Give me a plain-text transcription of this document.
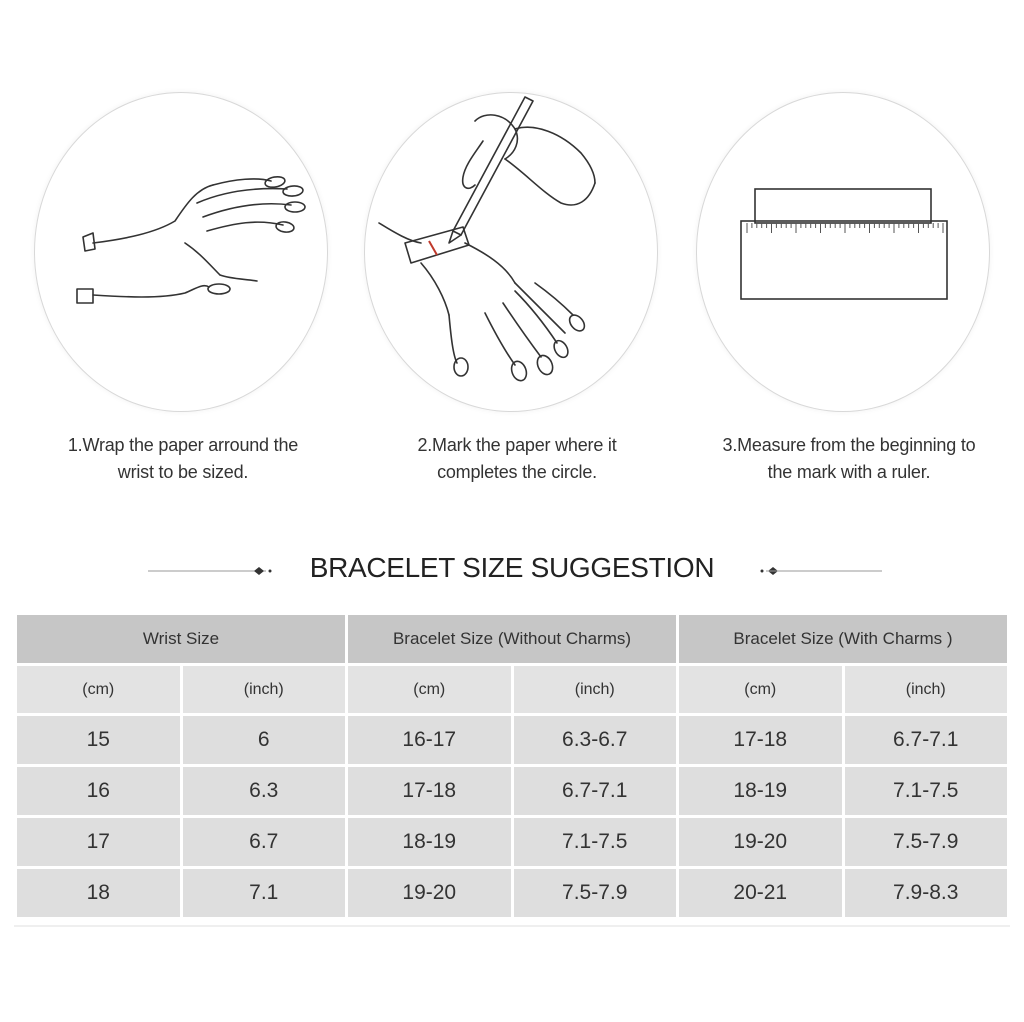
1.Wrap the paper arround the
wrist to be sized.
2.Mark the paper where it
completes the circle.
3.Measure from the beginning to
the mark with a ruler.
BRACELET SIZE SUGGESTION
Wrist Size		Bracelet Size (Without Charms)		Bracelet Size (With Charms )	
(cm)	(inch)	(cm)	(inch)	(cm)	(inch)
15	6	16-17	6.3-6.7	17-18	6.7-7.1
16	6.3	17-18	6.7-7.1	18-19	7.1-7.5
17	6.7	18-19	7.1-7.5	19-20	7.5-7.9
18	7.1	19-20	7.5-7.9	20-21	7.9-8.3
